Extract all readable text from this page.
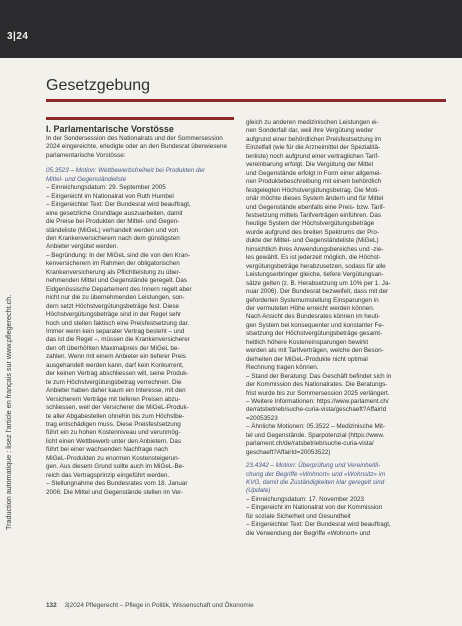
3|24
Traduction automatique : lisez l'article en français sur www.pflegerecht.ch.
Gesetzgebung

I. Parlamentarische Vorstösse

In der Sondersession des Nationalrats und der Sommersession 2024 eingereichte, erledigte oder an den Bundesrat überwiesene parlamentarische Vorstösse:

05.3523 – Motion: Wettbewerbsfreiheit bei Produkten der

Mittel- und Gegenständeliste

– Einreichungsdatum: 29. September 2005

– Eingereicht im Nationalrat von Ruth Humbel

– Eingereichter Text: Der Bundesrat wird beauftragt,

eine gesetzliche Grundlage auszuarbeiten, damit

die Preise bei Produkten der Mittel- und Gegen-

ständeliste (MiGeL) verhandelt werden und von

den Krankenversicherern nach dem günstigsten

Anbieter vergütet werden.

– Begründung: In der MiGeL sind die von den Kran-

kenversicherern im Rahmen der obligatorischen

Krankenversicherung als Pflichtleistung zu über-

nehmenden Mittel und Gegenstände geregelt. Das

Eidgenössische Departement des Innern regelt aber

nicht nur die zu übernehmenden Leistungen, son-

dern setzt Höchstvergütungsbeträge fest. Diese

Höchstvergütungsbeträge sind in der Regel sehr

hoch und stellen faktisch eine Preisfestsetzung dar.

Immer wenn kein separater Vertrag besteht – und

das ist die Regel –, müssen die Krankenversicherer

den oft überhöhten Maximalpreis der MiGeL be-

zahlen. Wenn mit einem Anbieter ein tieferer Preis

ausgehandelt werden kann, darf kein Konkurrent,

der keinen Vertrag abschliessen will, seine Produk-

te zum Höchstvergütungsbetrag verrechnen. Die

Anbieter haben daher kaum ein Interesse, mit den

Versicherern Verträge mit tieferen Preisen abzu-

schliessen, weil der Versicherer die MiGeL-Produk-

te aller Abgabestellen ohnehin bis zum Höchstbe-

trag entschädigen muss. Diese Preisfestsetzung

führt ein zu hohen Kostenniveau und verunmög-

licht einen Wettbewerb unter den Anbietern. Das

führt bei einer wachsenden Nachfrage nach

MiGeL-Produkten zu enormen Kostensteigerun-

gen. Aus diesem Grund sollte auch im MiGeL-Be-

reich das Vertragsprinzip eingeführt werden.

– Stellungnahme des Bundesrates vom 18. Januar

2006: Die Mittel und Gegenstände stellen im Ver-

gleich zu anderen medizinischen Leistungen ei-

nen Sonderfall dar, weil ihre Vergütung weder

aufgrund einer behördlichen Preisfestsetzung im

Einzelfall (wie für die Arzneimittel der Spezialitä-

tenliste) noch aufgrund einer vertraglichen Tarif-

vereinbarung erfolgt. Die Vergütung der Mittel

und Gegenstände erfolgt in Form einer allgemei-

nen Produktebeschreibung mit einem behördlich

festgelegten Höchstvergütungsbetrag. Die Moti-

onär möchte dieses System ändern und für Mittel

und Gegenstände ebenfalls eine Preis- bzw. Tarif-

festsetzung mittels Tarifverträgen einführen. Das

heutige System der Höchstvergütungsbeträge

wurde aufgrund des breiten Spektrums der Pro-

dukte der Mittel- und Gegenständeliste (MiGeL)

hinsichtlich ihres Anwendungsbereiches und -zie-

les gewählt. Es ist jederzeit möglich, die Höchst-

vergütungsbeträge herabzusetzen, sodass für alle

Leistungserbringer gleiche, tiefere Vergütungsan-

sätze gelten (z. B. Herabsetzung um 10% per 1. Ja-

nuar 2006). Der Bundesrat bezweifelt, dass mit der

geforderten Systemumstellung Einsparungen in

der vermuteten Höhe erreicht werden können.

Nach Ansicht des Bundesrates können im heuti-

gen System bei konsequenter und konstanter Fe-

stsetzung der Höchstvergütungsbeträge gesamt-

heitlich höhere Kosteneinsparungen bewirkt

werden als mit Tarifverträgen, welche den Beson-

derheiten der MiGeL-Produkte nicht optimal

Rechnung tragen können.

– Stand der Beratung: Das Geschäft befindet sich in

der Kommission des Nationalrates. Die Beratungs-

frist wurde bis zur Sommersession 2025 verlängert.

– Weitere Informationen: https://www.parlament.ch/

de/ratsbetrieb/suche-curia-vista/geschaeft?AffairId

=20053523

– Ähnliche Motionen: 05.3522 – Medizinische Mit-

tel und Gegenstände. Sparpotenzial (https://www.

parlament.ch/de/ratsbetrieb/suche-curia-vista/

geschaeft?AffairId=20053522)

23.4342 – Motion: Überprüfung und Vereinheitli-

chung der Begriffe «Wohnort» und «Wohnsitz» im

KVG, damit die Zuständigkeiten klar geregelt sind

(Update)

– Einreichungsdatum: 17. November 2023

– Eingereicht im Nationalrat von der Kommission

für soziale Sicherheit und Gesundheit

– Eingereichter Text: Der Bundesrat wird beauftragt,

die Verwendung der Begriffe «Wohnort» und

132 3|2024 Pflegerecht – Pflege in Politik, Wissenschaft und Ökonomie
